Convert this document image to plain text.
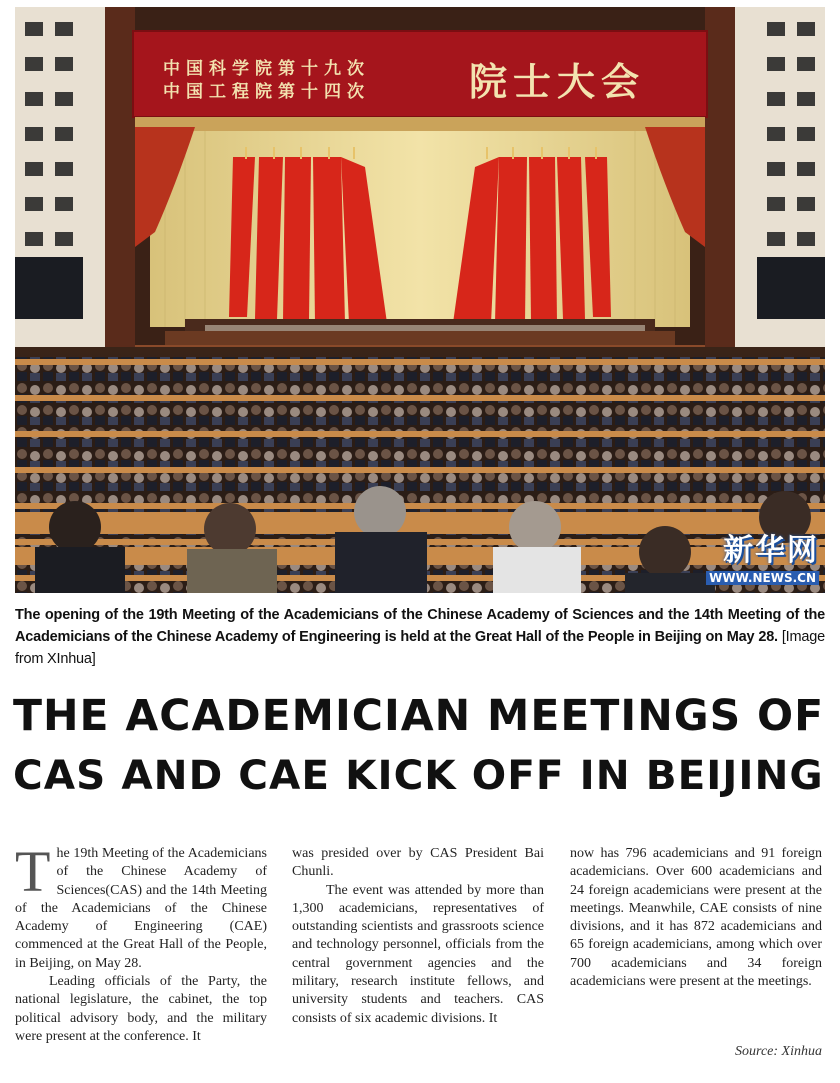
中国科学院第十九次
中国工程院第十四次	院士大会
新华网
WWW.NEWS.CN
The opening of the 19th Meeting of the Academicians of the Chinese Academy of Sciences and the 14th Meeting of the Academicians of the Chinese Academy of Engineering is held at the Great Hall of the People in Beijing on May 28. [Image from XInhua]
THE ACADEMICIAN MEETINGS OF
CAS AND CAE KICK OFF IN BEIJING

The 19th Meeting of the Academicians of the Chinese Academy of Sciences(CAS) and the 14th Meeting of the Academicians of the Chinese Academy of Engineering (CAE) commenced at the Great Hall of the People, in Beijing, on May 28.

Leading officials of the Party, the national legislature, the cabinet, the top political advisory body, and the military were present at the conference. It

was presided over by CAS President Bai Chunli.

The event was attended by more than 1,300 academicians, representatives of outstanding scientists and grassroots science and technology personnel, officials from the central government agencies and the military, research institute fellows, and university students and teachers. CAS consists of six academic divisions. It

now has 796 academicians and 91 foreign academicians. Over 600 academicians and 24 foreign academicians were present at the meetings. Meanwhile, CAE consists of nine divisions, and it has 872 academicians and 65 foreign academicians, among which over 700 academicians and 34 foreign academicians were present at the meetings.

Source: Xinhua
